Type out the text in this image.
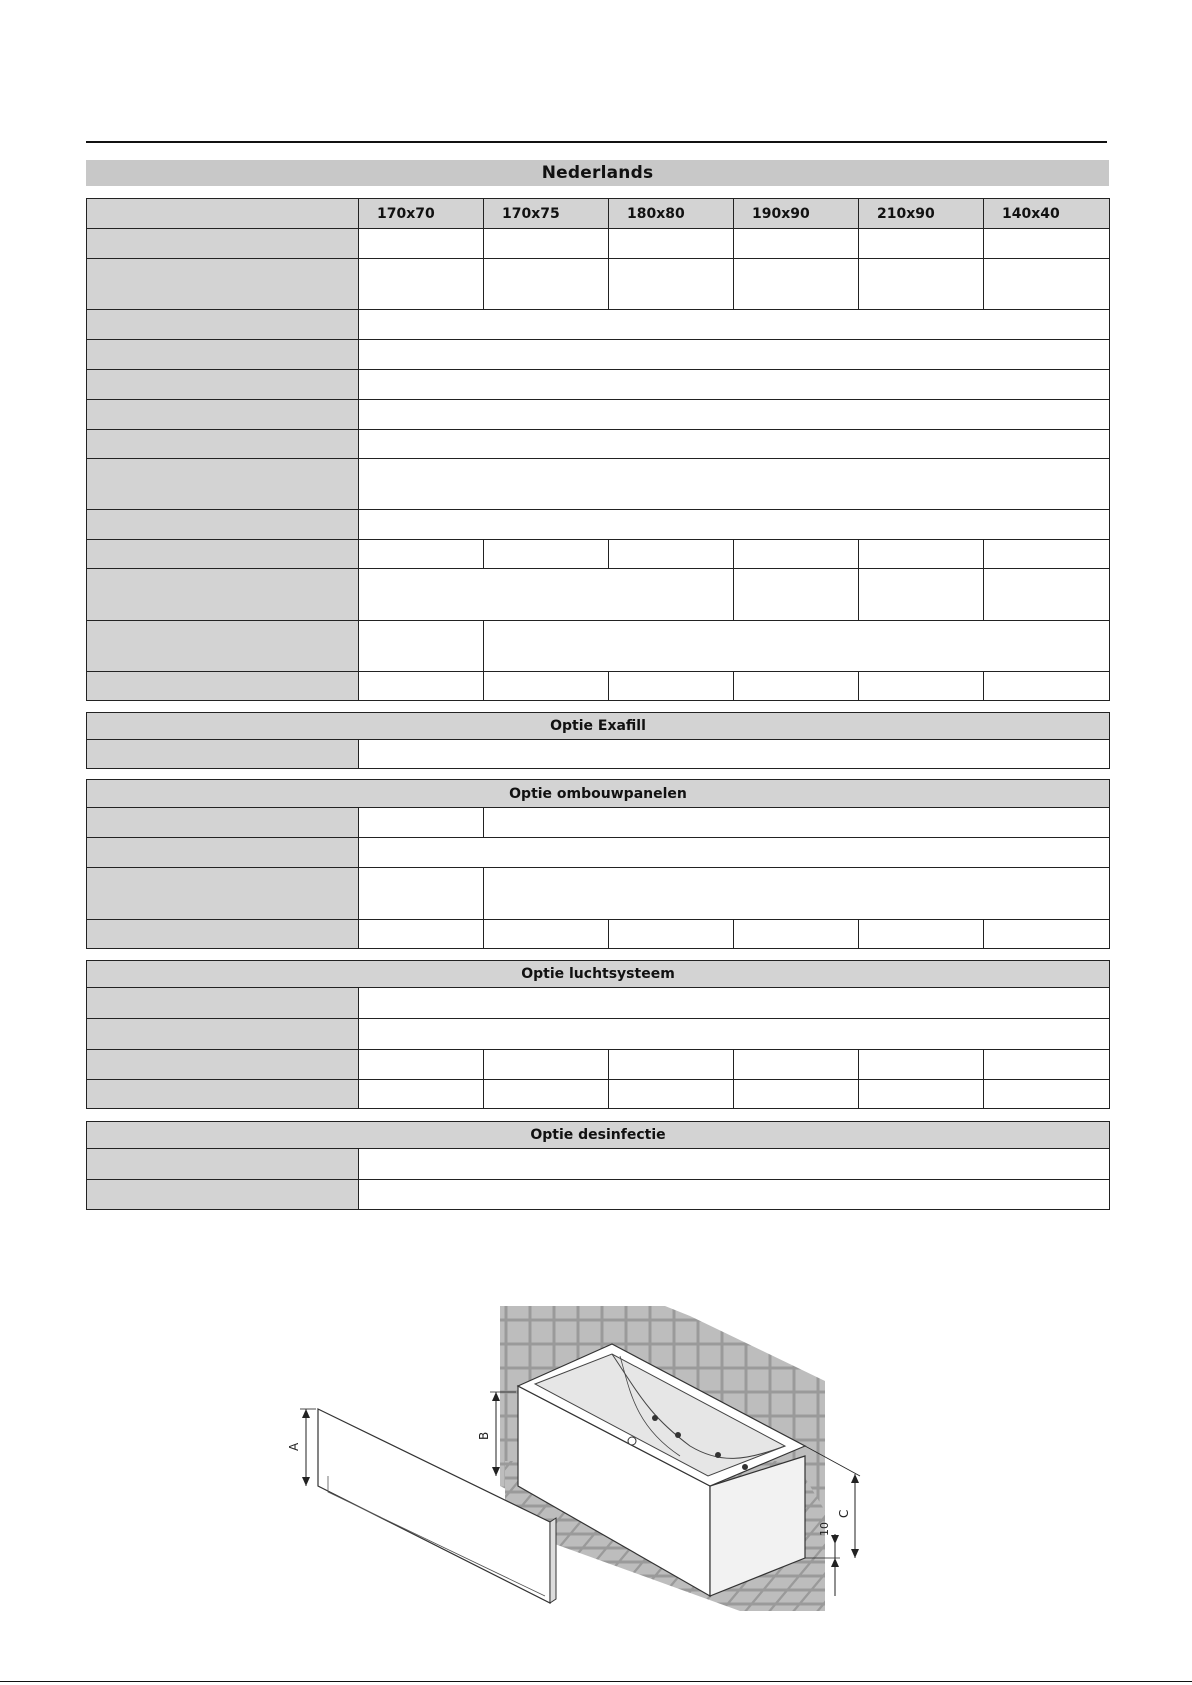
Nederlands
	170x70	170x75	180x80	190x90	210x90	140x40

Optie Exafill

Optie ombouwpanelen						

Optie luchtsysteem						

Optie desinfectie	

A
B
C
10
